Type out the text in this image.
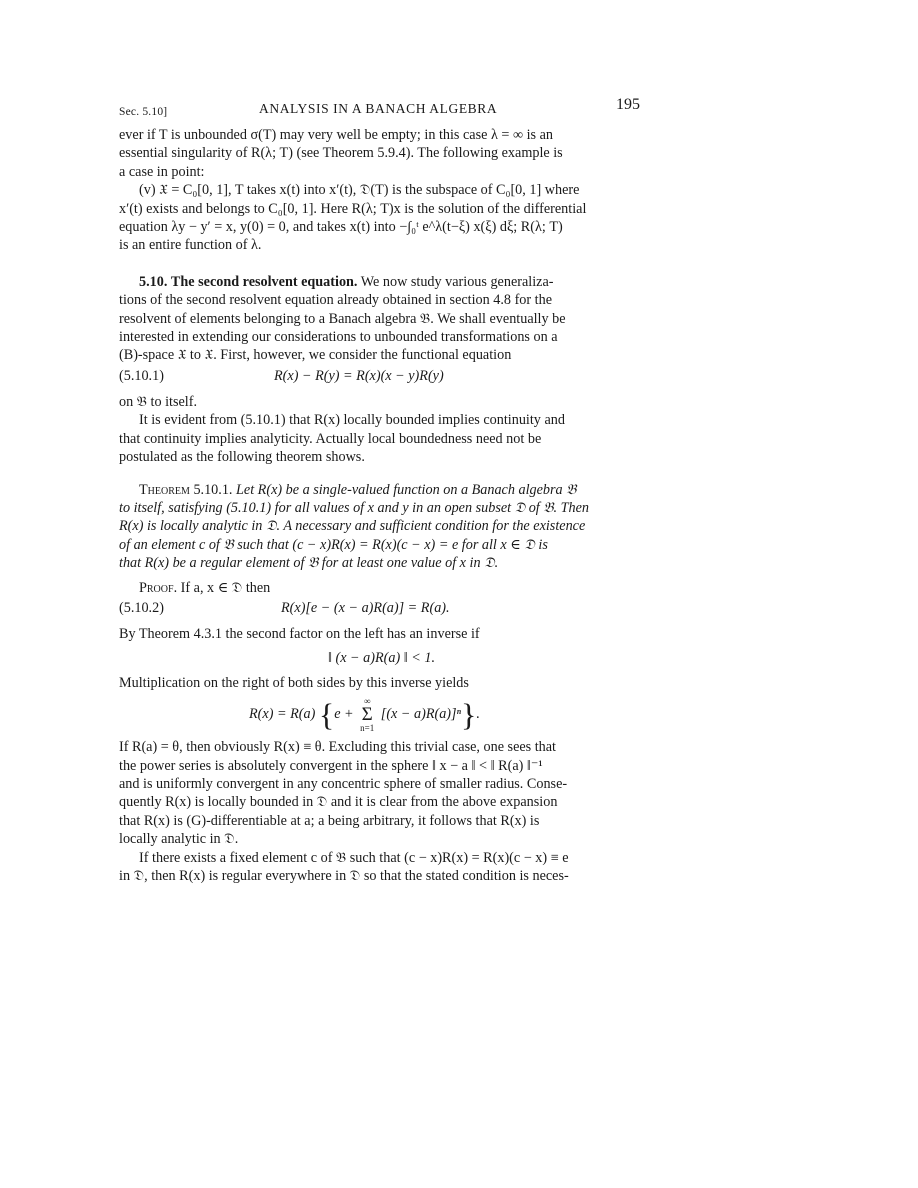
Sec. 5.10]	ANALYSIS IN A BANACH ALGEBRA	195

ever if T is unbounded σ(T) may very well be empty; in this case λ = ∞ is an

essential singularity of R(λ; T) (see Theorem 5.9.4). The following example is

a case in point:

(v) 𝔛 = C₀[0, 1], T takes x(t) into x′(t), 𝔇(T) is the subspace of C₀[0, 1] where

x′(t) exists and belongs to C₀[0, 1]. Here R(λ; T)x is the solution of the differential

equation λy − y′ = x, y(0) = 0, and takes x(t) into −∫₀ᵗ e^λ(t−ξ) x(ξ) dξ; R(λ; T)

is an entire function of λ.

5.10. The second resolvent equation. We now study various generaliza-

tions of the second resolvent equation already obtained in section 4.8 for the

resolvent of elements belonging to a Banach algebra 𝔅. We shall eventually be

interested in extending our considerations to unbounded transformations on a

(B)-space 𝔛 to 𝔛. First, however, we consider the functional equation

(5.10.1)	R(x) − R(y) = R(x)(x − y)R(y)

on 𝔅 to itself.

It is evident from (5.10.1) that R(x) locally bounded implies continuity and

that continuity implies analyticity. Actually local boundedness need not be

postulated as the following theorem shows.

Theorem 5.10.1. Let R(x) be a single-valued function on a Banach algebra 𝔅

to itself, satisfying (5.10.1) for all values of x and y in an open subset 𝔇 of 𝔅. Then

R(x) is locally analytic in 𝔇. A necessary and sufficient condition for the existence

of an element c of 𝔅 such that (c − x)R(x) = R(x)(c − x) = e for all x ∈ 𝔇 is

that R(x) be a regular element of 𝔅 for at least one value of x in 𝔇.

Proof. If a, x ∈ 𝔇 then

(5.10.2)	R(x)[e − (x − a)R(a)] = R(a).

By Theorem 4.3.1 the second factor on the left has an inverse if

‖ (x − a)R(a) ‖ < 1.

Multiplication on the right of both sides by this inverse yields

R(x) = R(a) {e +
∞
Σ
n=1
[(x − a)R(a)]ⁿ}.

If R(a) = θ, then obviously R(x) ≡ θ. Excluding this trivial case, one sees that

the power series is absolutely convergent in the sphere ‖ x − a ‖ < ‖ R(a) ‖⁻¹

and is uniformly convergent in any concentric sphere of smaller radius. Conse-

quently R(x) is locally bounded in 𝔇 and it is clear from the above expansion

that R(x) is (G)-differentiable at a; a being arbitrary, it follows that R(x) is

locally analytic in 𝔇.

If there exists a fixed element c of 𝔅 such that (c − x)R(x) = R(x)(c − x) ≡ e

in 𝔇, then R(x) is regular everywhere in 𝔇 so that the stated condition is neces-
